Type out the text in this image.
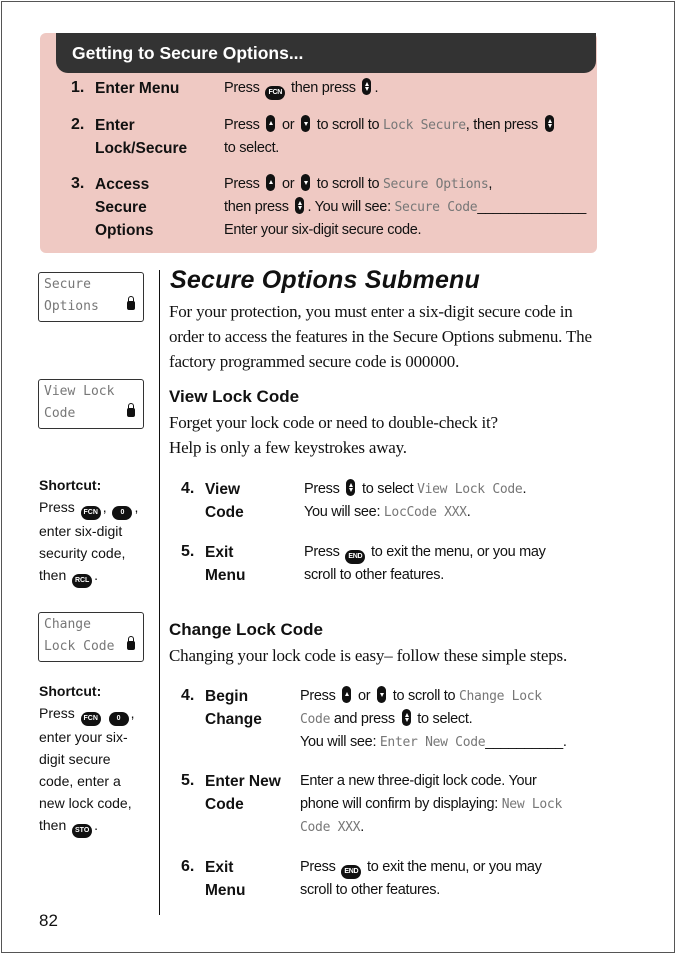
Getting to Secure Options...
1. Enter Menu	Press FCN then press .
2. Enter
Lock/Secure
Press  or  to scroll to Lock Secure, then press
to select.
3. Access
Secure
Options
Press  or  to scroll to Secure Options,
then press . You will see: Secure Code______________
Enter your six-digit secure code.
Secure
Options
View Lock
Code
Change
Lock Code
Shortcut:
Press FCN , 0 ,
enter six-digit
security code,
then RCL .
Shortcut:
Press FCN	0 ,
enter your six-
digit secure
code, enter a
new lock code,
then STO .
Secure Options Submenu
For your protection, you must enter a six-digit secure code in
order to access the features in the Secure Options submenu. The
factory programmed secure code is 000000.
View Lock Code
Forget your lock code or need to double-check it?
Help is only a few keystrokes away.
4. View
Code
Press  to select View Lock Code.
You will see: LocCode XXX.
5. Exit
Menu
Press END to exit the menu, or you may
scroll to other features.
Change Lock Code
Changing your lock code is easy– follow these simple steps.
4. Begin
Change
Press  or  to scroll to Change Lock
Code and press  to select.
You will see: Enter New Code__________.
5. Enter New
Code
Enter a new three-digit lock code. Your
phone will confirm by displaying: New Lock
Code XXX.
6. Exit
Menu
Press END to exit the menu, or you may
scroll to other features.
82
